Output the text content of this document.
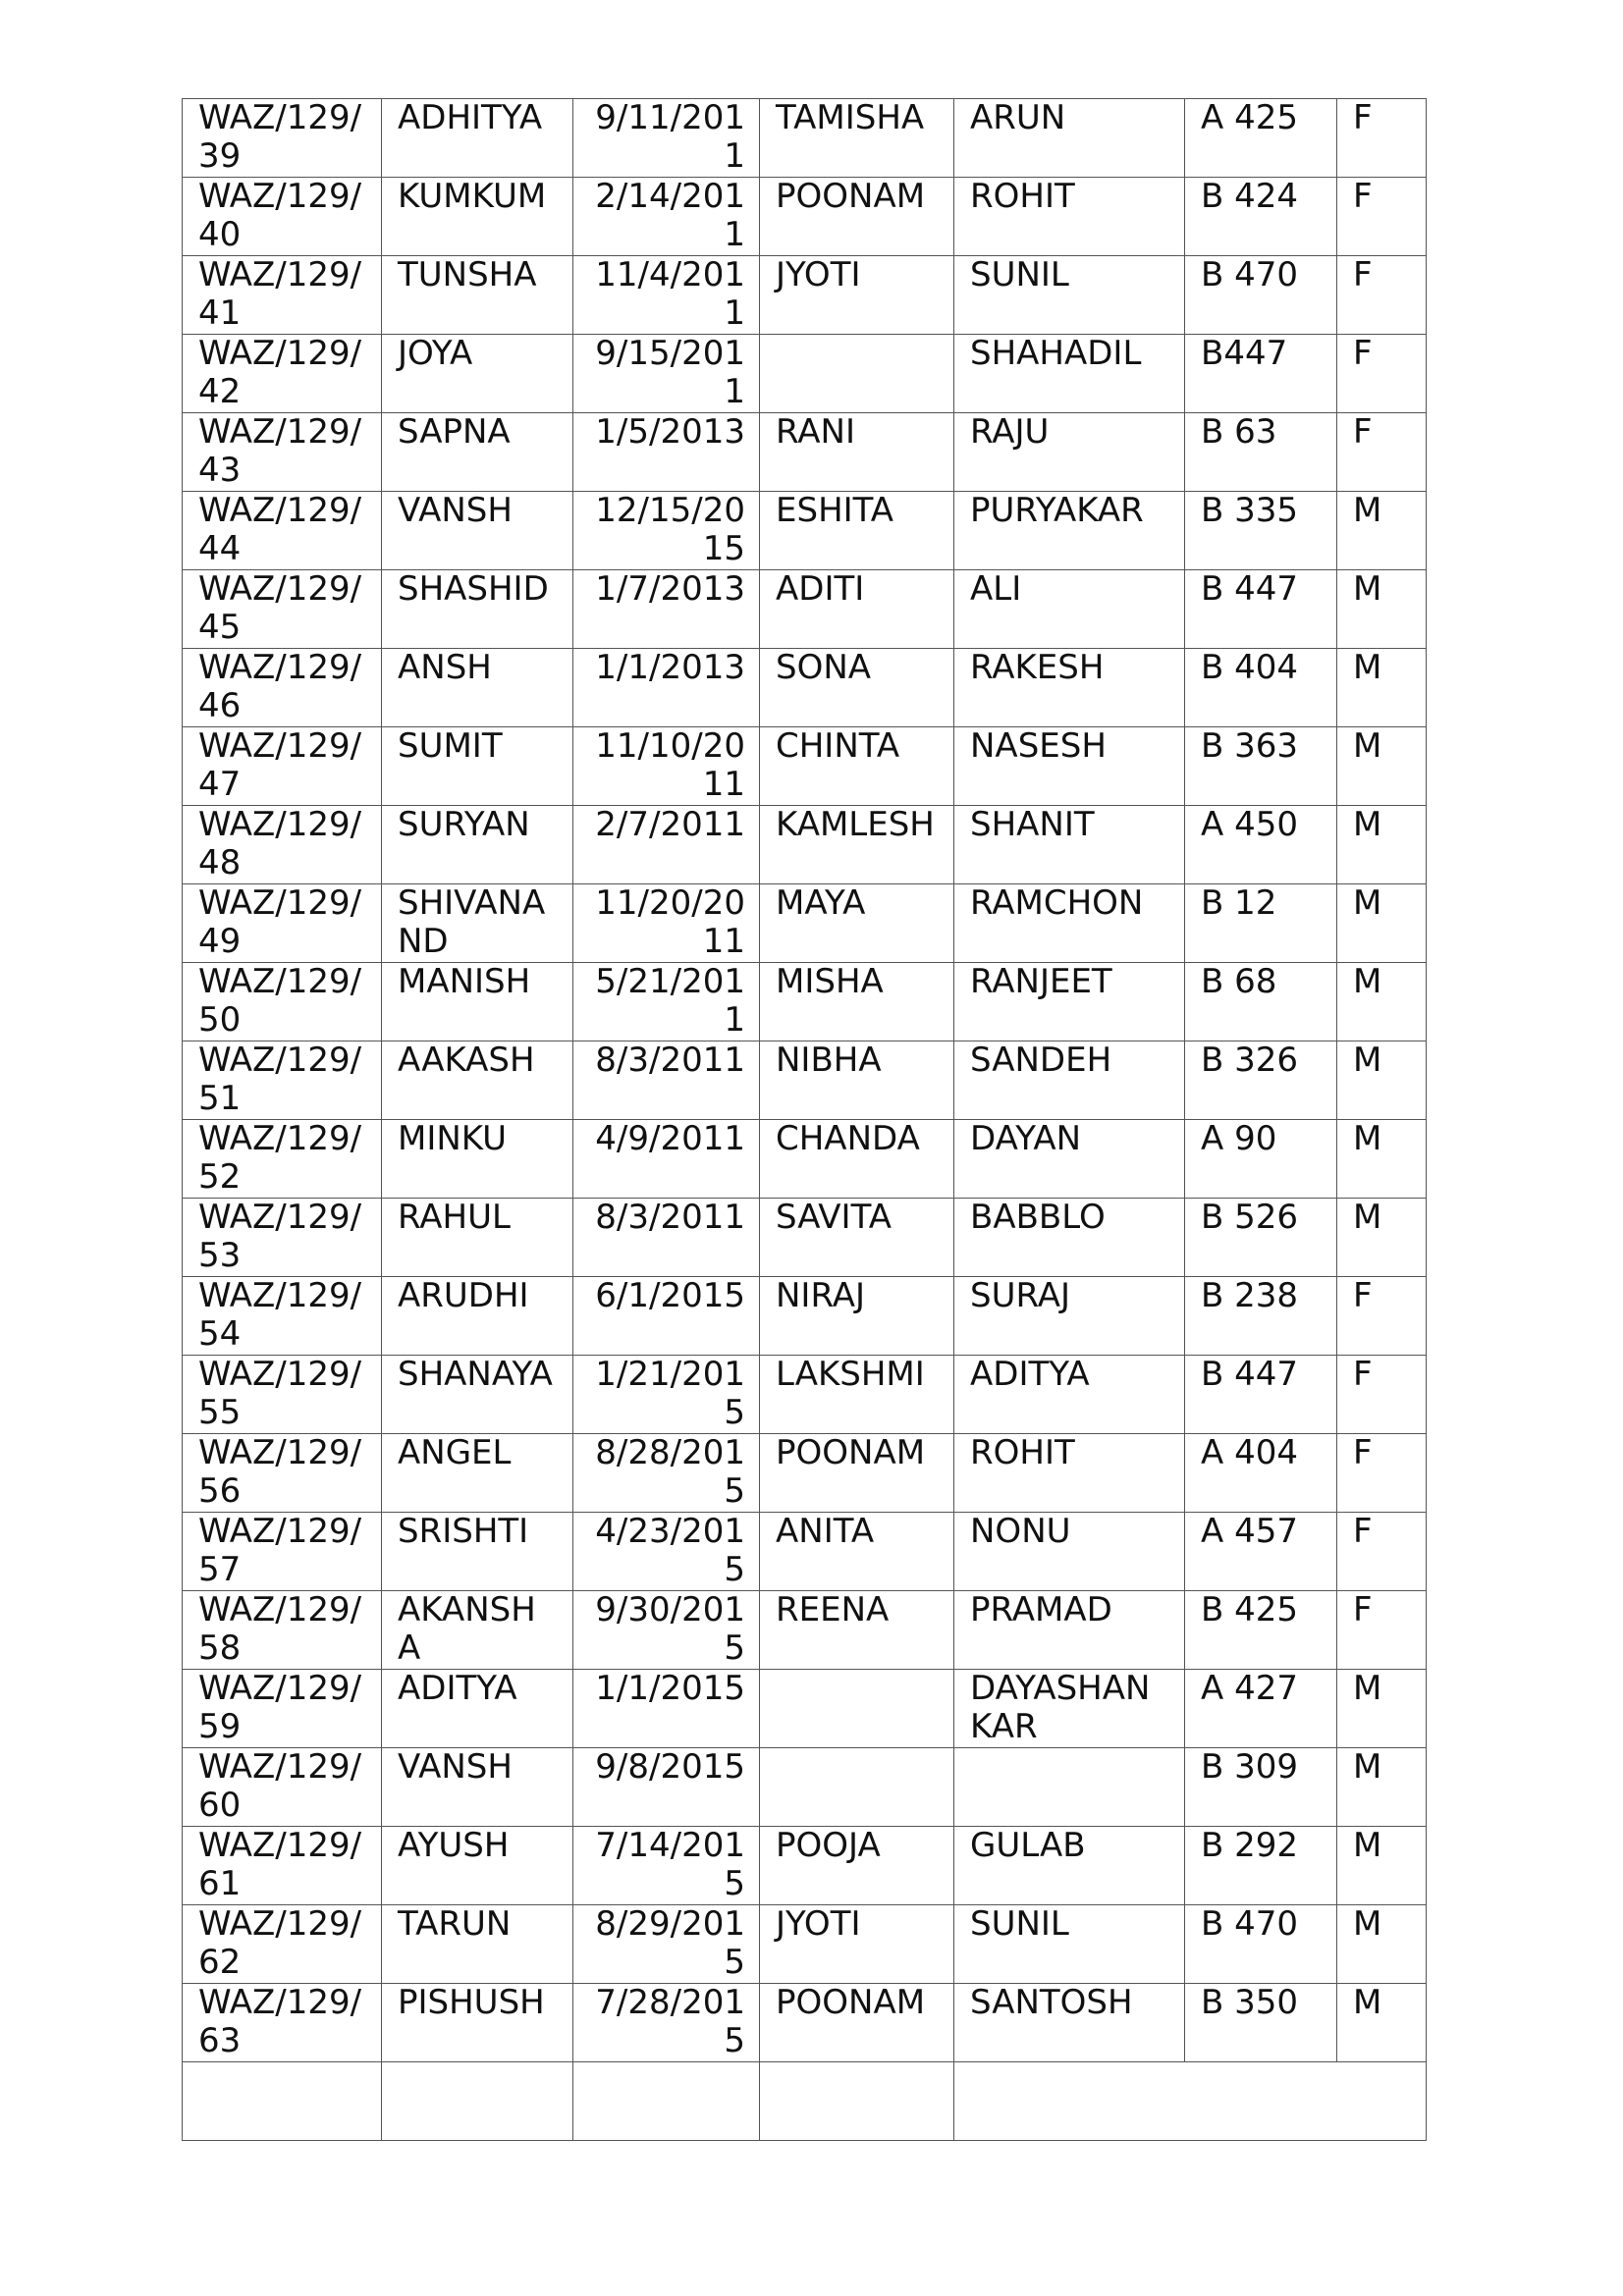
WAZ/129/39	ADHITYA	9/11/2011	TAMISHA	ARUN	A 425	F
WAZ/129/40	KUMKUM	2/14/2011	POONAM	ROHIT	B 424	F
WAZ/129/41	TUNSHA	11/4/2011	JYOTI	SUNIL	B 470	F
WAZ/129/42	JOYA	9/15/2011		SHAHADIL	B447	F
WAZ/129/43	SAPNA	1/5/2013	RANI	RAJU	B 63	F
WAZ/129/44	VANSH	12/15/2015	ESHITA	PURYAKAR	B 335	M
WAZ/129/45	SHASHID	1/7/2013	ADITI	ALI	B 447	M
WAZ/129/46	ANSH	1/1/2013	SONA	RAKESH	B 404	M
WAZ/129/47	SUMIT	11/10/2011	CHINTA	NASESH	B 363	M
WAZ/129/48	SURYAN	2/7/2011	KAMLESH	SHANIT	A 450	M
WAZ/129/49	SHIVANAND	11/20/2011	MAYA	RAMCHON	B 12	M
WAZ/129/50	MANISH	5/21/2011	MISHA	RANJEET	B 68	M
WAZ/129/51	AAKASH	8/3/2011	NIBHA	SANDEH	B 326	M
WAZ/129/52	MINKU	4/9/2011	CHANDA	DAYAN	A 90	M
WAZ/129/53	RAHUL	8/3/2011	SAVITA	BABBLO	B 526	M
WAZ/129/54	ARUDHI	6/1/2015	NIRAJ	SURAJ	B 238	F
WAZ/129/55	SHANAYA	1/21/2015	LAKSHMI	ADITYA	B 447	F
WAZ/129/56	ANGEL	8/28/2015	POONAM	ROHIT	A 404	F
WAZ/129/57	SRISHTI	4/23/2015	ANITA	NONU	A 457	F
WAZ/129/58	AKANSHA	9/30/2015	REENA	PRAMAD	B 425	F
WAZ/129/59	ADITYA	1/1/2015		DAYASHANKAR	A 427	M
WAZ/129/60	VANSH	9/8/2015			B 309	M
WAZ/129/61	AYUSH	7/14/2015	POOJA	GULAB	B 292	M
WAZ/129/62	TARUN	8/29/2015	JYOTI	SUNIL	B 470	M
WAZ/129/63	PISHUSH	7/28/2015	POONAM	SANTOSH	B 350	M
